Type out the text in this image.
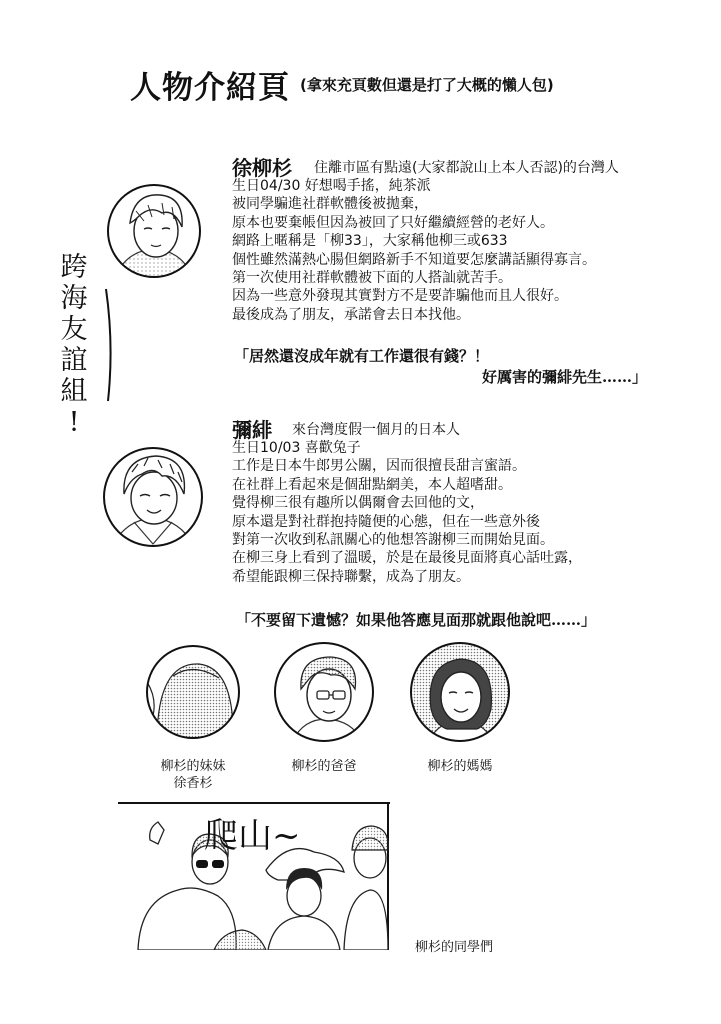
人物介紹頁 (拿來充頁數但還是打了大概的懶人包)
跨
海
友
誼
組
!
徐柳杉 住離市區有點遠(大家都說山上本人否認)的台灣人
生日04/30 好想喝手搖，純茶派
被同學騙進社群軟體後被拋棄，
原本也要棄帳但因為被回了只好繼續經營的老好人。
網路上暱稱是「柳33」，大家稱他柳三或633
個性雖然滿熱心腸但網路新手不知道要怎麼講話顯得寡言。
第一次使用社群軟體被下面的人搭訕就苦手。
因為一些意外發現其實對方不是要詐騙他而且人很好。
最後成為了朋友，承諾會去日本找他。
「居然還沒成年就有工作還很有錢？！
好厲害的彌緋先生……」
彌緋 來台灣度假一個月的日本人
生日10/03 喜歡兔子
工作是日本牛郎男公關，因而很擅長甜言蜜語。
在社群上看起來是個甜點網美，本人超嗜甜。
覺得柳三很有趣所以偶爾會去回他的文，
原本還是對社群抱持隨便的心態，但在一些意外後
對第一次收到私訊關心的他想答謝柳三而開始見面。
在柳三身上看到了溫暖，於是在最後見面將真心話吐露，
希望能跟柳三保持聯繫，成為了朋友。
「不要留下遺憾？如果他答應見面那就跟他說吧……」
柳杉的妹妹
徐香杉
柳杉的爸爸	柳杉的媽媽
爬山~
柳杉的同學們
